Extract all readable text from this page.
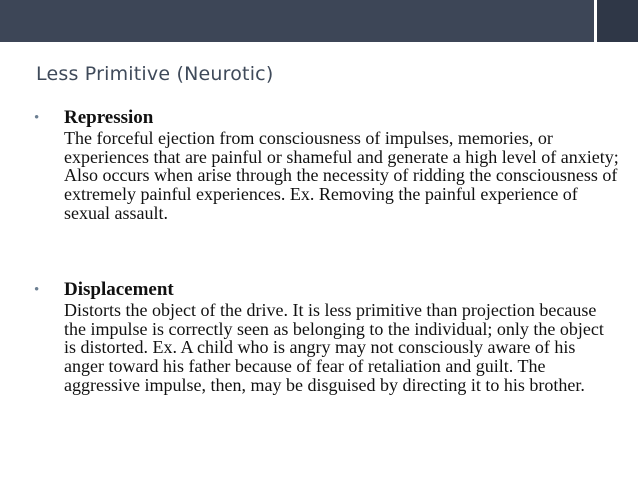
Less Primitive (Neurotic)
• Repression
The forceful ejection from consciousness of impulses, memories, or experiences that are painful or shameful and generate a high level of anxiety; Also occurs when arise through the necessity of ridding the consciousness of extremely painful experiences. Ex. Removing the painful experience of sexual assault.
• Displacement
Distorts the object of the drive. It is less primitive than projection because the impulse is correctly seen as belonging to the individual; only the object is distorted. Ex. A child who is angry may not consciously aware of his anger toward his father because of fear of retaliation and guilt. The aggressive impulse, then, may be disguised by directing it to his brother.
